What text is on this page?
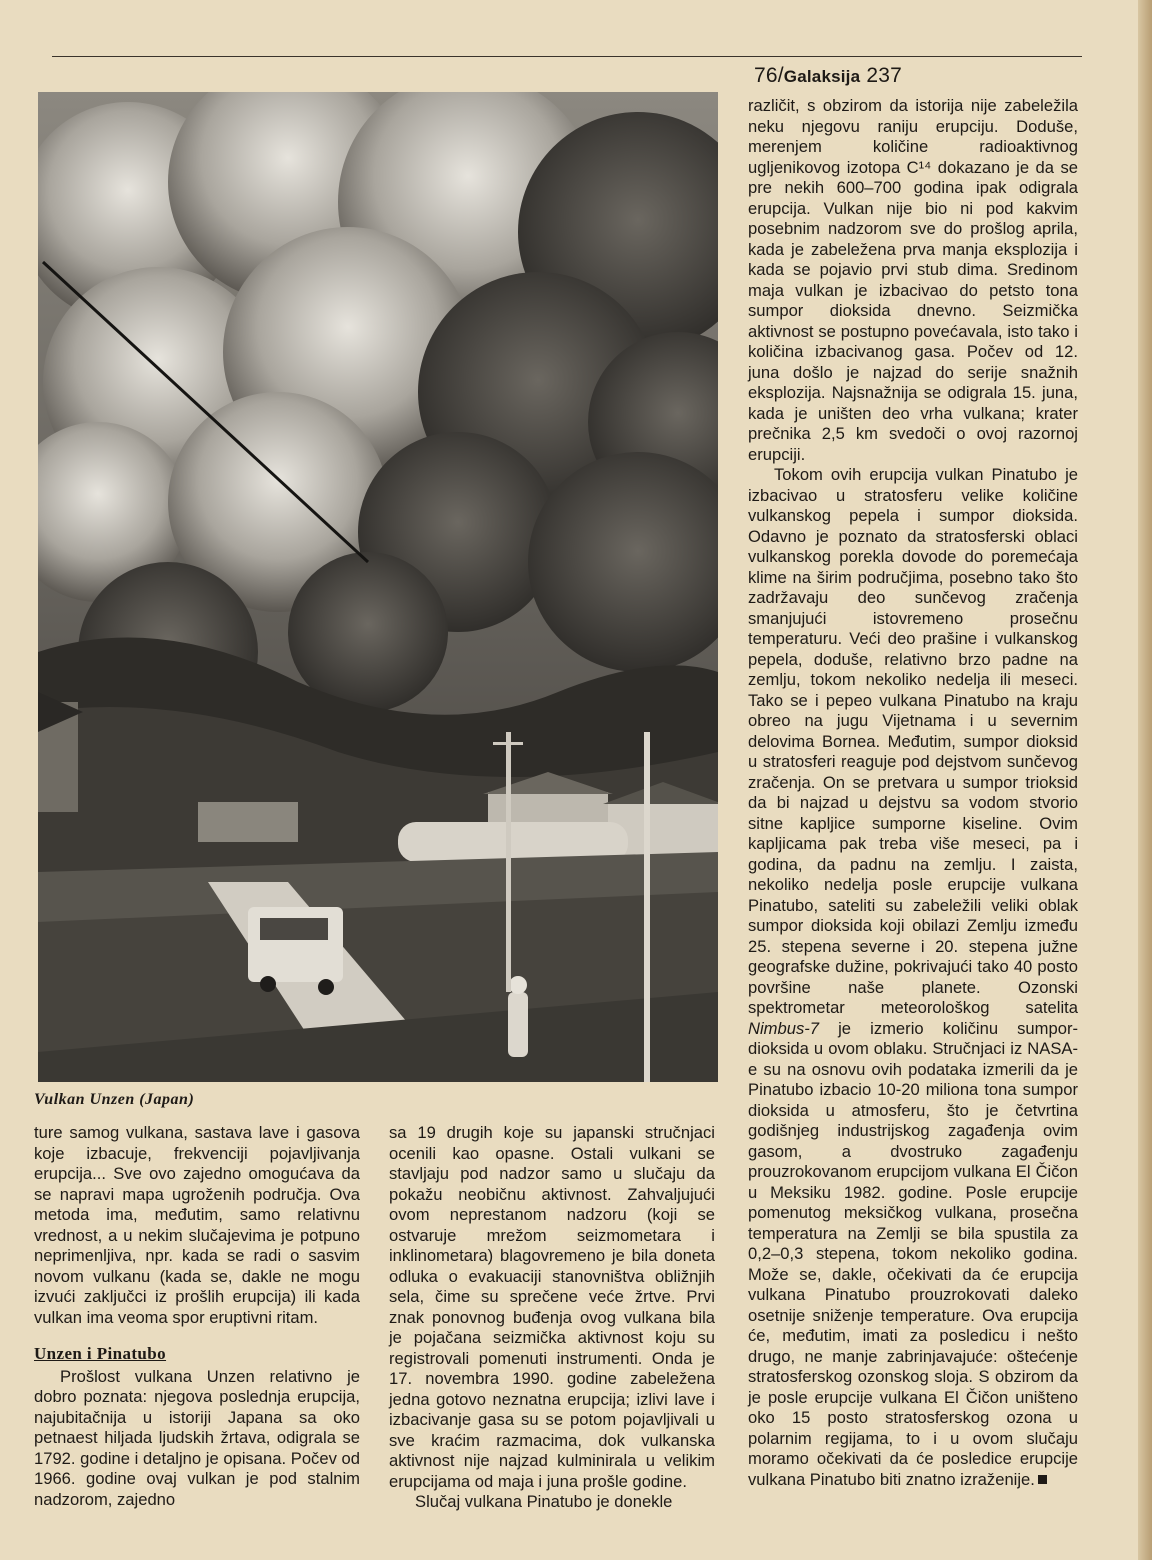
76/Galaksija 237
Vulkan Unzen (Japan)

ture samog vulkana, sastava lave i gasova koje izbacuje, frekvenciji pojavljivanja erupcija... Sve ovo zajedno omogućava da se napravi mapa ugroženih područja. Ova metoda ima, međutim, samo relativnu vrednost, a u nekim slučajevima je potpuno neprimenljiva, npr. kada se radi o sasvim novom vulkanu (kada se, dakle ne mogu izvući zaključci iz prošlih erupcija) ili kada vulkan ima veoma spor eruptivni ritam.

Unzen i Pinatubo

Prošlost vulkana Unzen relativno je dobro poznata: njegova poslednja erupcija, najubitačnija u istoriji Japana sa oko petnaest hiljada ljudskih žrtava, odigrala se 1792. godine i detaljno je opisana. Počev od 1966. godine ovaj vulkan je pod stalnim nadzorom, zajedno

sa 19 drugih koje su japanski stručnjaci ocenili kao opasne. Ostali vulkani se stavljaju pod nadzor samo u slučaju da pokažu neobičnu aktivnost. Zahvaljujući ovom neprestanom nadzoru (koji se ostvaruje mrežom seizmometara i inklinometara) blagovremeno je bila doneta odluka o evakuaciji stanovništva obližnjih sela, čime su sprečene veće žrtve. Prvi znak ponovnog buđenja ovog vulkana bila je pojačana seizmička aktivnost koju su registrovali pomenuti instrumenti. Onda je 17. novembra 1990. godine zabeležena jedna gotovo neznatna erupcija; izlivi lave i izbacivanje gasa su se potom pojavljivali u sve kraćim razmacima, dok vulkanska aktivnost nije najzad kulminirala u velikim erupcijama od maja i juna prošle godine.

Slučaj vulkana Pinatubo je donekle

različit, s obzirom da istorija nije zabeležila neku njegovu raniju erupciju. Doduše, merenjem količine radioaktivnog ugljenikovog izotopa C¹⁴ dokazano je da se pre nekih 600–700 godina ipak odigrala erupcija. Vulkan nije bio ni pod kakvim posebnim nadzorom sve do prošlog aprila, kada je zabeležena prva manja eksplozija i kada se pojavio prvi stub dima. Sredinom maja vulkan je izbacivao do petsto tona sumpor dioksida dnevno. Seizmička aktivnost se postupno povećavala, isto tako i količina izbacivanog gasa. Počev od 12. juna došlo je najzad do serije snažnih eksplozija. Najsnažnija se odigrala 15. juna, kada je uništen deo vrha vulkana; krater prečnika 2,5 km svedoči o ovoj razornoj erupciji.

Tokom ovih erupcija vulkan Pinatubo je izbacivao u stratosferu velike količine vulkanskog pepela i sumpor dioksida. Odavno je poznato da stratosferski oblaci vulkanskog porekla dovode do poremećaja klime na širim područjima, posebno tako što zadržavaju deo sunčevog zračenja smanjujući istovremeno prosečnu temperaturu. Veći deo prašine i vulkanskog pepela, doduše, relativno brzo padne na zemlju, tokom nekoliko nedelja ili meseci. Tako se i pepeo vulkana Pinatubo na kraju obreo na jugu Vijetnama i u severnim delovima Borneа. Međutim, sumpor dioksid u stratosferi reaguje pod dejstvom sunčevog zračenja. On se pretvara u sumpor trioksid da bi najzad u dejstvu sa vodom stvorio sitne kapljice sumporne kiseline. Ovim kapljicama pak treba više meseci, pa i godina, da padnu na zemlju. I zaista, nekoliko nedelja posle erupcije vulkana Pinatubo, sateliti su zabeležili veliki oblak sumpor dioksida koji obilazi Zemlju između 25. stepena severne i 20. stepena južne geografske dužine, pokrivajući tako 40 posto površine naše planete. Ozonski spektrometar meteorološkog satelita Nimbus-7 je izmerio količinu sumpor-dioksida u ovom oblaku. Stručnjaci iz NASA-e su na osnovu ovih podataka izmerili da je Pinatubo izbacio 10-20 miliona tona sumpor dioksida u atmosferu, što je četvrtina godišnjeg industrijskog zagađenja ovim gasom, a dvostruko zagađenju prouzrokovanom erupcijom vulkana El Čičon u Meksiku 1982. godine. Posle erupcije pomenutog meksičkog vulkana, prosečna temperatura na Zemlji se bila spustila za 0,2–0,3 stepena, tokom nekoliko godina. Može se, dakle, očekivati da će erupcija vulkana Pinatubo prouzrokovati daleko osetnije sniženje temperature. Ova erupcija će, međutim, imati za posledicu i nešto drugo, ne manje zabrinjavajuće: oštećenje stratosferskog ozonskog sloja. S obzirom da je posle erupcije vulkana El Čičon uništeno oko 15 posto stratosferskog ozona u polarnim regijama, to i u ovom slučaju moramo očekivati da će posledice erupcije vulkana Pinatubo biti znatno izraženije.
